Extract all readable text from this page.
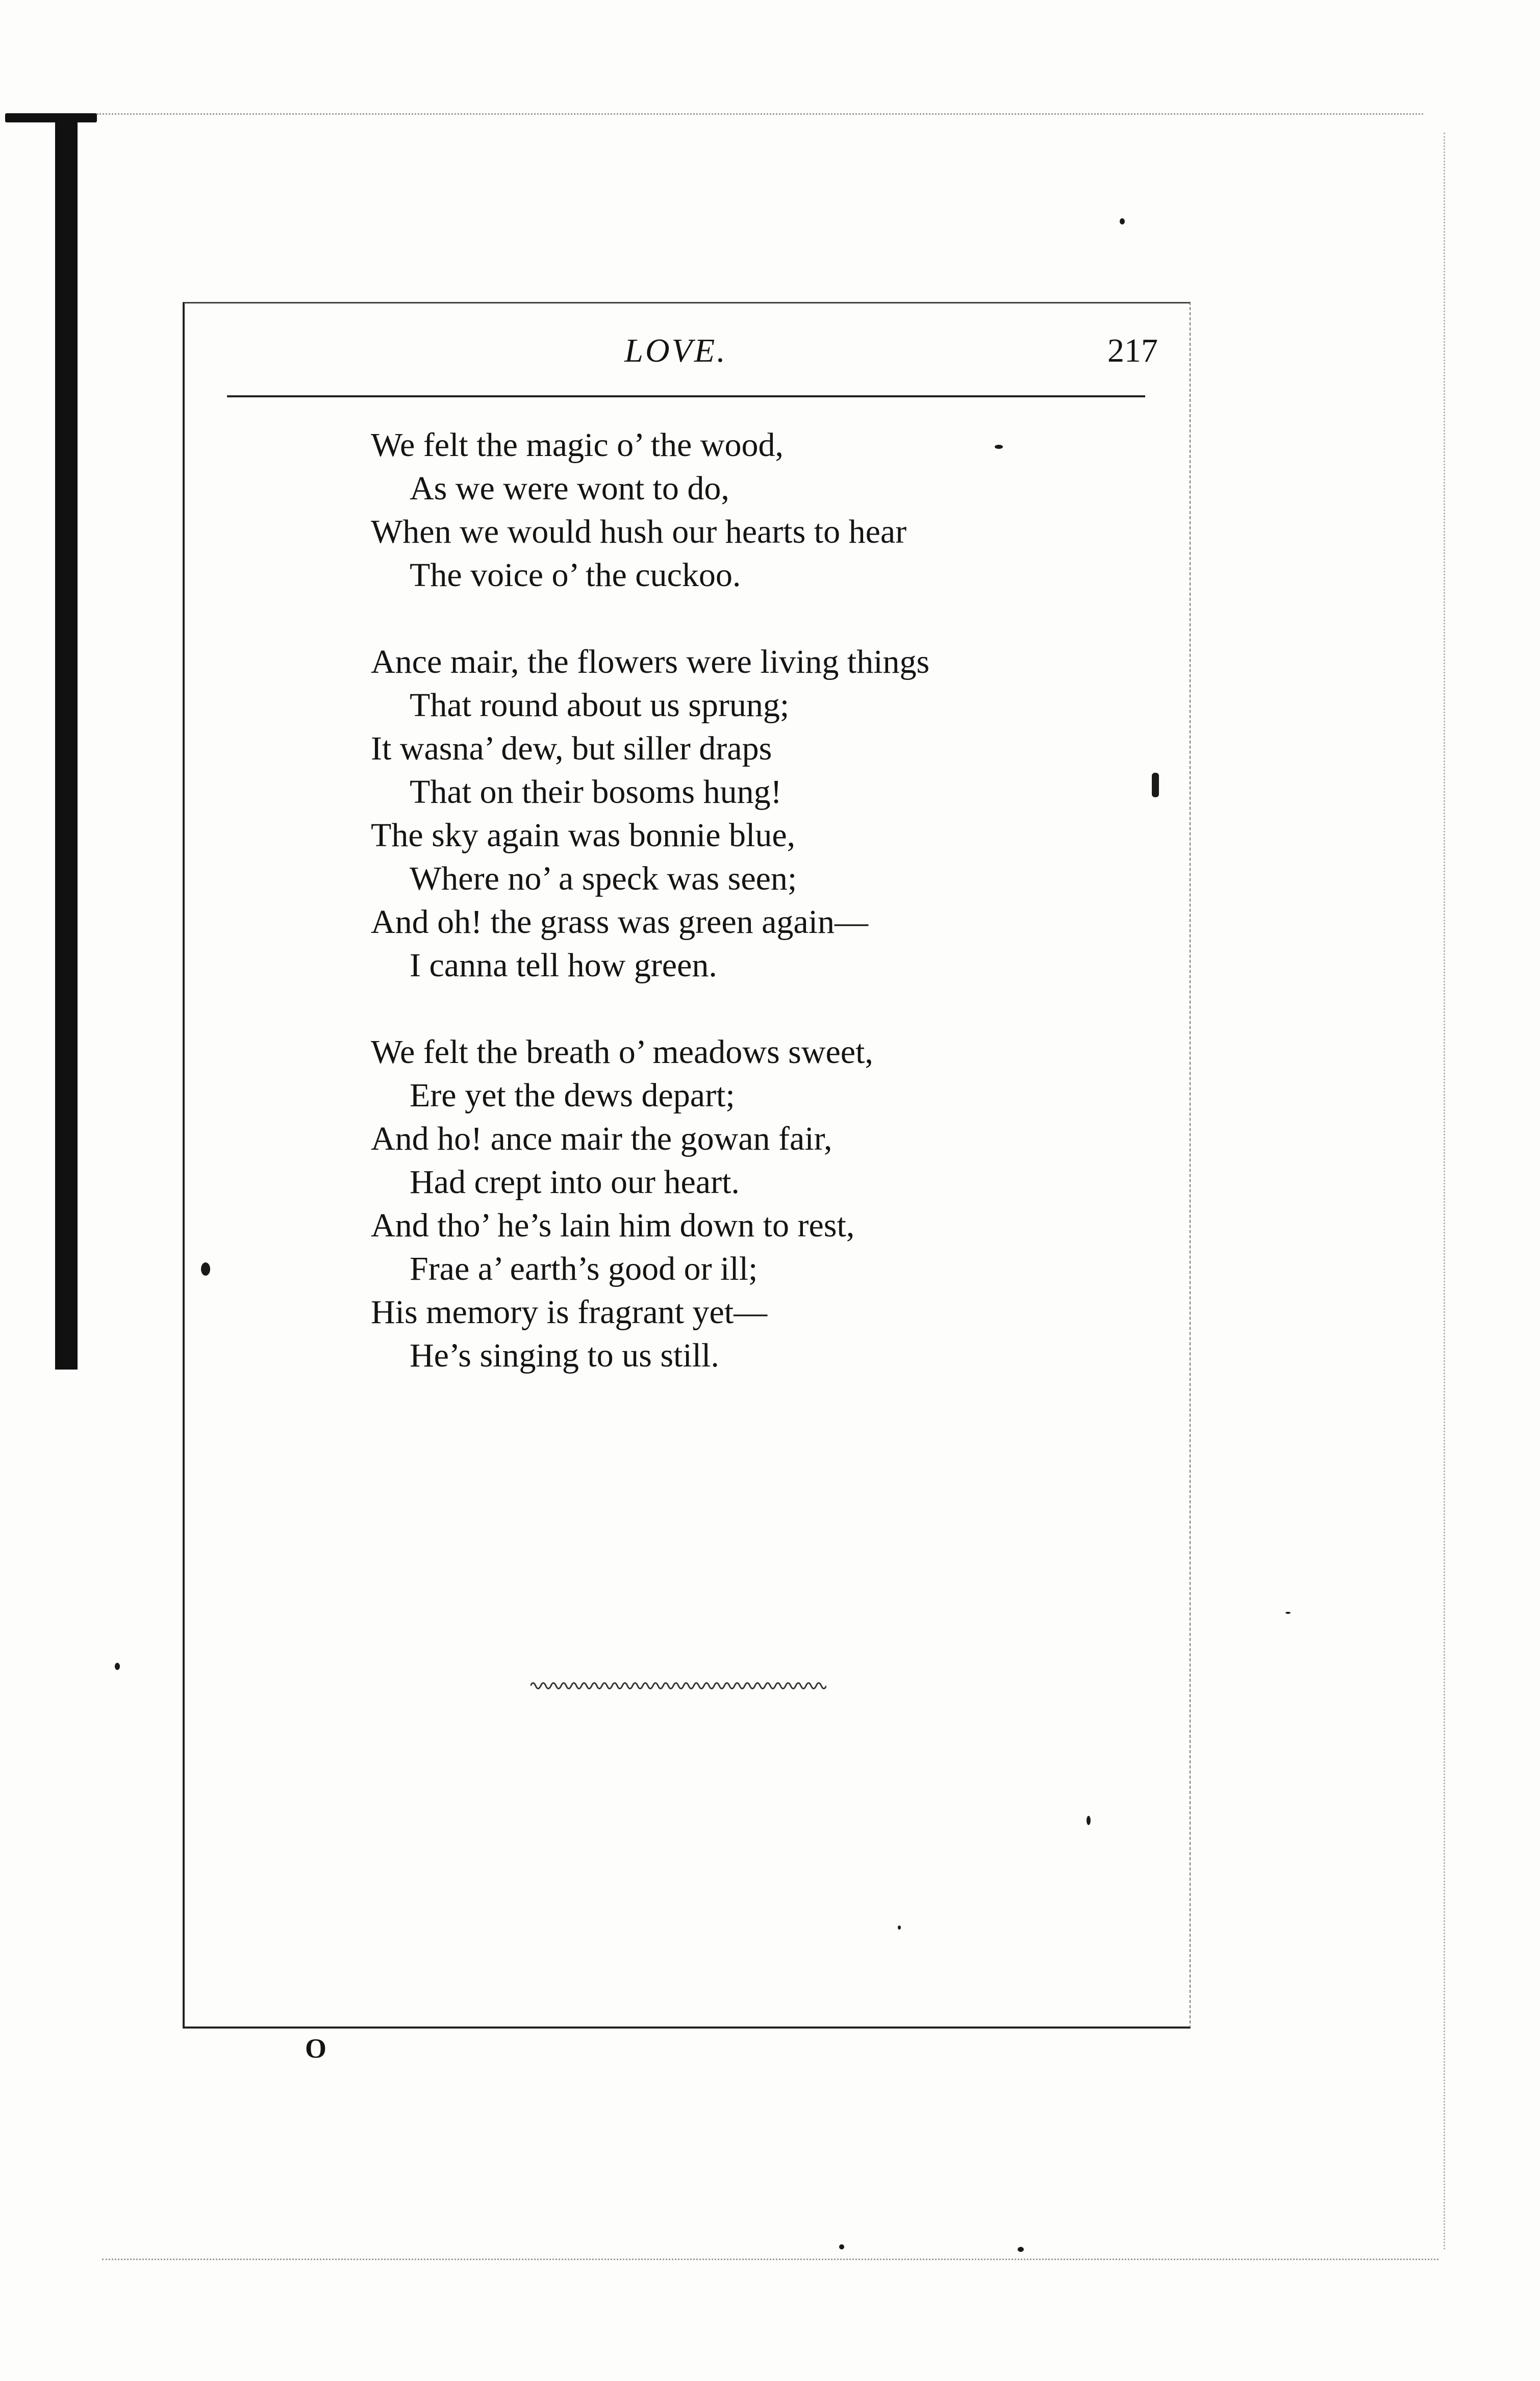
LOVE.	217
We felt the magic o’ the wood,
As we were wont to do,
When we would hush our hearts to hear
The voice o’ the cuckoo.
Ance mair, the flowers were living things
That round about us sprung;
It wasna’ dew, but siller draps
That on their bosoms hung!
The sky again was bonnie blue,
Where no’ a speck was seen;
And oh! the grass was green again—
I canna tell how green.
We felt the breath o’ meadows sweet,
Ere yet the dews depart;
And ho! ance mair the gowan fair,
Had crept into our heart.
And tho’ he’s lain him down to rest,
Frae a’ earth’s good or ill;
His memory is fragrant yet—
He’s singing to us still.
O
